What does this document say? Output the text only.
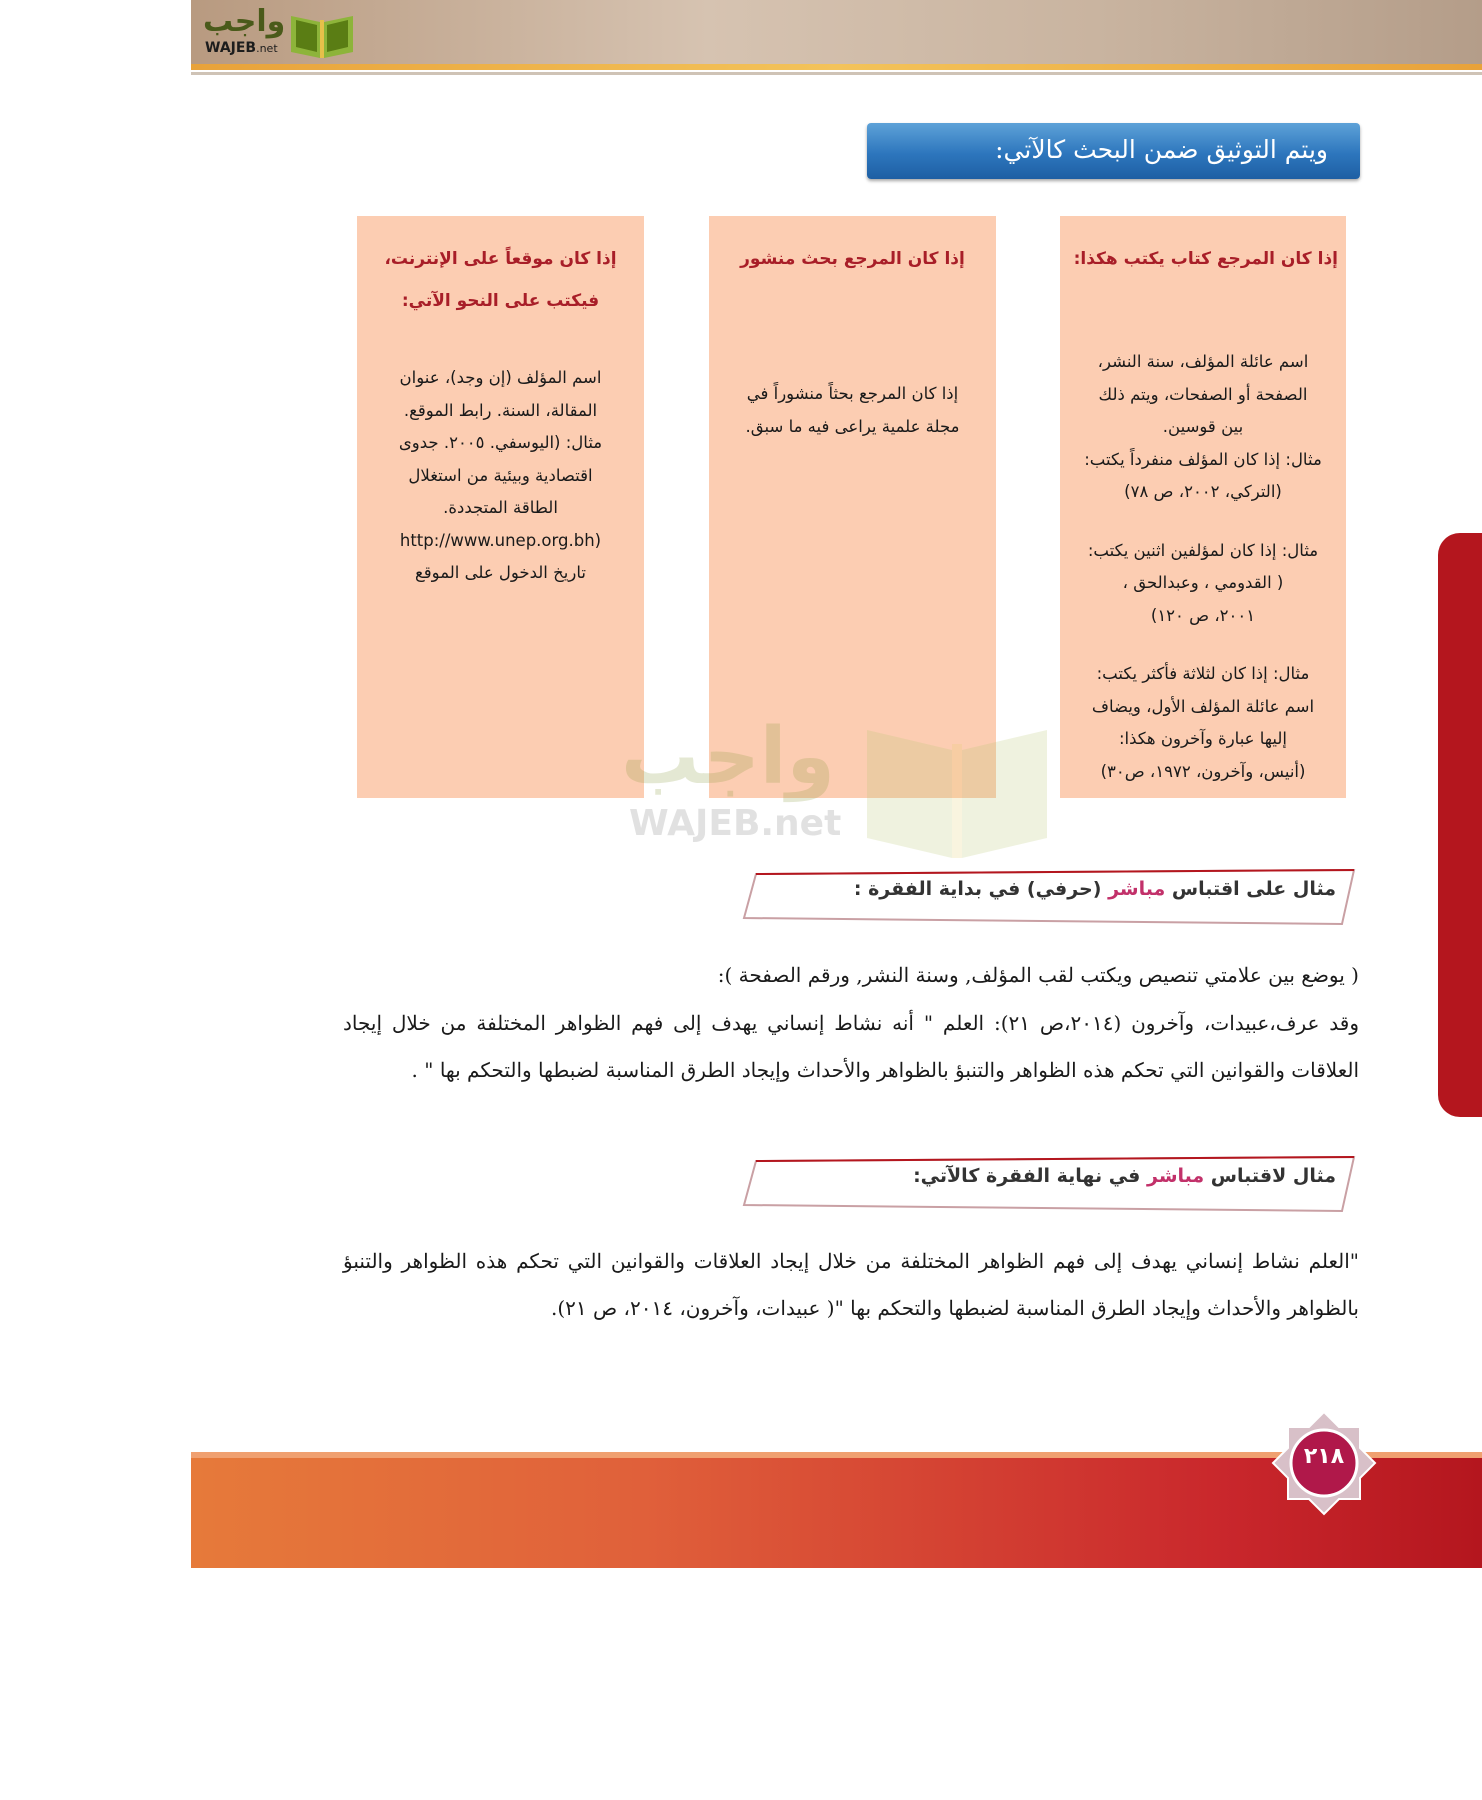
واجب
WAJEB.net
ويتم التوثيق ضمن البحث كالآتي:
إذا كان المرجع كتاب يكتب هكذا:
اسم عائلة المؤلف، سنة النشر،
الصفحة أو الصفحات، ويتم ذلك
بين قوسين.
مثال: إذا كان المؤلف منفرداً يكتب:
(التركي، ٢٠٠٢، ص ٧٨)
مثال: إذا كان لمؤلفين اثنين يكتب:
( القدومي ، وعبدالحق ،
٢٠٠١، ص ١٢٠)
مثال: إذا كان لثلاثة فأكثر يكتب:
اسم عائلة المؤلف الأول، ويضاف
إليها عبارة وآخرون هكذا:
(أنيس، وآخرون، ١٩٧٢، ص٣٠)
إذا كان المرجع بحث منشور
إذا كان المرجع بحثاً منشوراً في
مجلة علمية يراعى فيه ما سبق.
إذا كان موقعاً على الإنترنت،
فيكتب على النحو الآتي:
اسم المؤلف (إن وجد)، عنوان
المقالة، السنة. رابط الموقع.
مثال: (اليوسفي. ٢٠٠٥. جدوى
اقتصادية وبيئية من استغلال
الطاقة المتجددة.
(http://www.unep.org.bh
تاريخ الدخول على الموقع
واجب
WAJEB.net
مثال على اقتباس مباشر (حرفي) في بداية الفقرة :
( يوضع بين علامتي تنصيص ويكتب لقب المؤلف, وسنة النشر, ورقم الصفحة ):
وقد عرف،عبيدات، وآخرون (٢٠١٤،ص ٢١): العلم " أنه نشاط إنساني يهدف إلى فهم الظواهر المختلفة من خلال إيجاد العلاقات والقوانين التي تحكم هذه الظواهر والتنبؤ بالظواهر والأحداث وإيجاد الطرق المناسبة لضبطها والتحكم بها " .
مثال لاقتباس مباشر في نهاية الفقرة كالآتي:
"العلم نشاط إنساني يهدف إلى فهم الظواهر المختلفة من خلال إيجاد العلاقات والقوانين التي تحكم هذه الظواهر والتنبؤ بالظواهر والأحداث وإيجاد الطرق المناسبة لضبطها والتحكم بها "( عبيدات، وآخرون، ٢٠١٤، ص ٢١).
٢١٨
